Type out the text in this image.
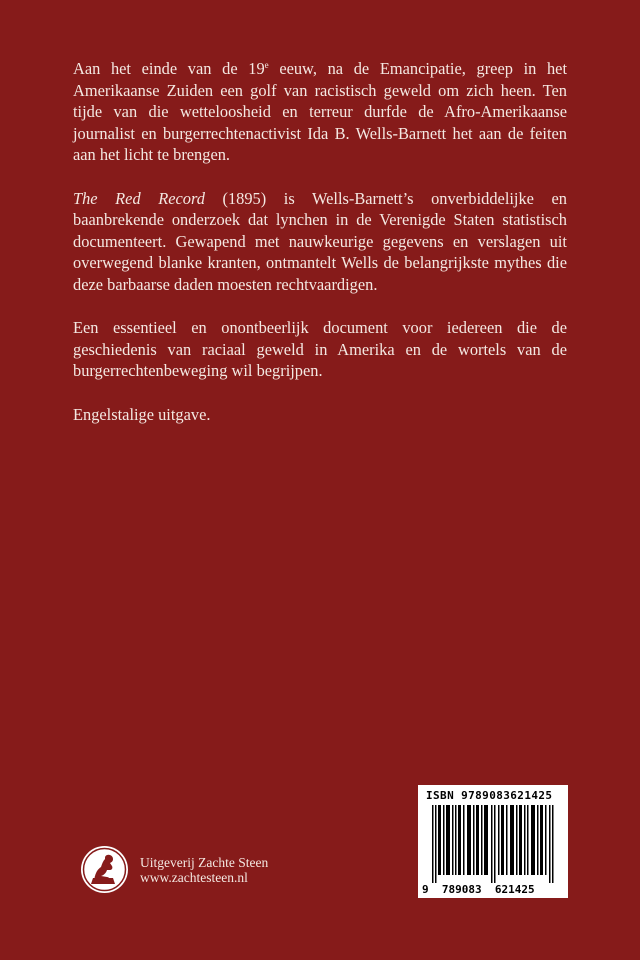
Aan het einde van de 19e eeuw, na de Emancipatie, greep in het Amerikaanse Zuiden een golf van racistisch geweld om zich heen. Ten tijde van die wetteloosheid en terreur durfde de Afro-Amerikaanse journalist en burgerrechtenactivist Ida B. Wells-Barnett het aan de feiten aan het licht te brengen.

The Red Record (1895) is Wells-Barnett’s onverbiddelijke en baanbrekende onderzoek dat lynchen in de Verenigde Staten statistisch documenteert. Gewapend met nauwkeurige gegevens en verslagen uit overwegend blanke kranten, ontmantelt Wells de belangrijkste mythes die deze barbaarse daden moesten rechtvaardigen.

Een essentieel en onontbeerlijk document voor iedereen die de geschiedenis van raciaal geweld in Amerika en de wortels van de burgerrechtenbeweging wil begrijpen.

Engelstalige uitgave.

ISBN 9789083621425
9  789083  621425
Uitgeverij Zachte Steen
www.zachtesteen.nl
